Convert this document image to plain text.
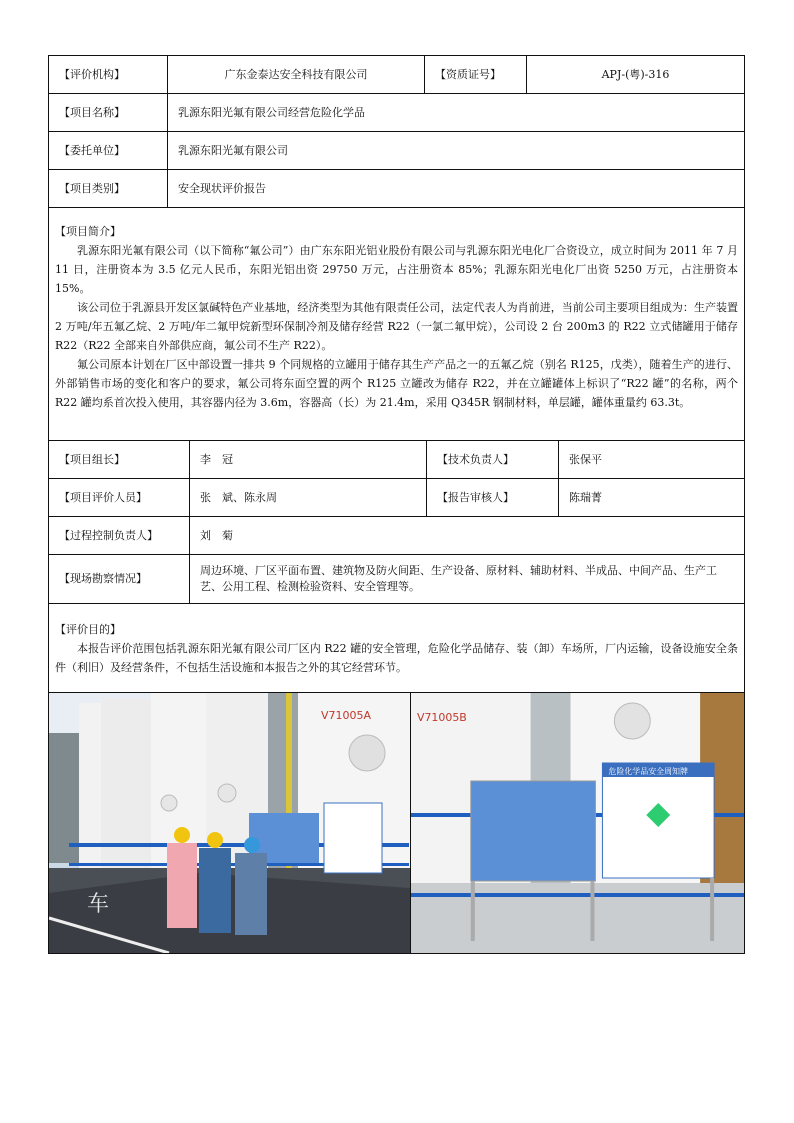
【评价机构】	广东金泰达安全科技有限公司	【资质证号】	APJ-(粤)-316
【项目名称】	乳源东阳光氟有限公司经营危险化学品
【委托单位】	乳源东阳光氟有限公司
【项目类别】	安全现状评价报告

【项目简介】

乳源东阳光氟有限公司（以下简称“氟公司”）由广东东阳光铝业股份有限公司与乳源东阳光电化厂合资设立，成立时间为 2011 年 7 月 11 日，注册资本为 3.5 亿元人民币，东阳光铝出资 29750 万元，占注册资本 85%；乳源东阳光电化厂出资 5250 万元，占注册资本 15%。

该公司位于乳源县开发区氯碱特色产业基地，经济类型为其他有限责任公司，法定代表人为肖前进，当前公司主要项目组成为：生产装置 2 万吨/年五氟乙烷、2 万吨/年二氟甲烷新型环保制冷剂及储存经营 R22（一氯二氟甲烷），公司设 2 台 200m3 的 R22 立式储罐用于储存 R22（R22 全部来自外部供应商，氟公司不生产 R22）。

氟公司原本计划在厂区中部设置一排共 9 个同规格的立罐用于储存其生产产品之一的五氟乙烷（别名 R125，戊类），随着生产的进行、外部销售市场的变化和客户的要求，氟公司将东面空置的两个 R125 立罐改为储存 R22，并在立罐罐体上标识了“R22 罐”的名称，两个 R22 罐均系首次投入使用，其容器内径为 3.6m，容器高（长）为 21.4m，采用 Q345R 钢制材料，单层罐，罐体重量约 63.3t。

【项目组长】	李　冠	【技术负责人】	张保平
【项目评价人员】	张　斌、陈永周	【报告审核人】	陈瑞菁
【过程控制负责人】	刘　菊
【现场勘察情况】
周边环境、厂区平面布置、建筑物及防火间距、生产设备、原材料、辅助材料、半成品、中间产品、生产工艺、公用工程、检测检验资料、安全管理等。

【评价目的】

本报告评价范围包括乳源东阳光氟有限公司厂区内 R22 罐的安全管理，危险化学品储存、装（卸）车场所，厂内运输，设备设施安全条件（利旧）及经营条件，不包括生活设施和本报告之外的其它经营环节。

V71005A
车
V71005B
危险化学品安全周知牌
